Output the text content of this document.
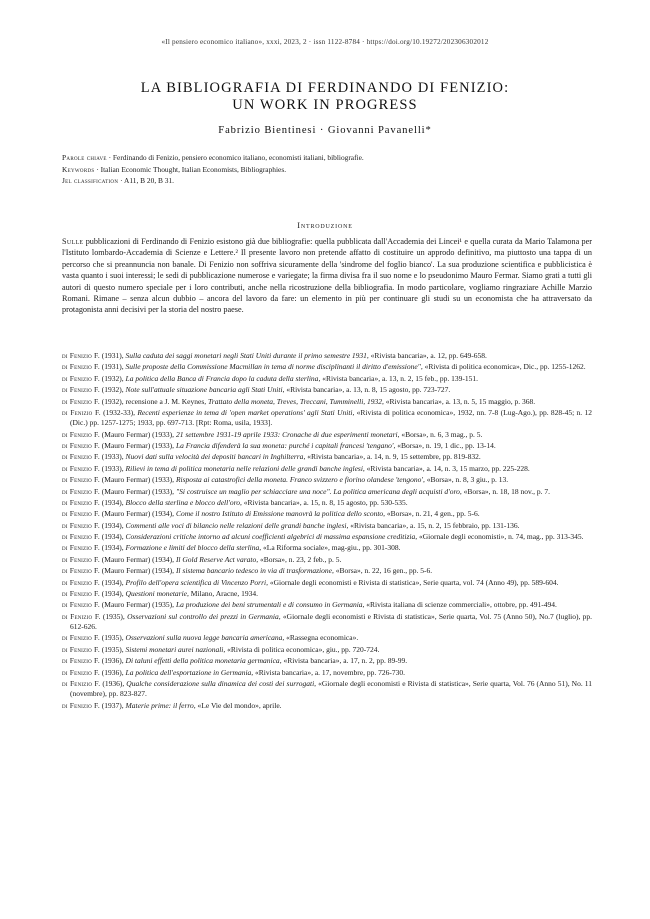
«Il pensiero economico italiano», xxxi, 2023, 2 · issn 1122-8784 · https://doi.org/10.19272/202306302012
LA BIBLIOGRAFIA DI FERDINANDO DI FENIZIO:
UN WORK IN PROGRESS
Fabrizio Bientinesi · Giovanni Pavanelli*
Parole chiave · Ferdinando di Fenizio, pensiero economico italiano, economisti italiani, bibliografie.
Keywords · Italian Economic Thought, Italian Economists, Bibliographies.
Jel classification · A11, B 20, B 31.
Introduzione
Sulle pubblicazioni di Ferdinando di Fenizio esistono già due bibliografie: quella pubblicata dall'Accademia dei Lincei¹ e quella curata da Mario Talamona per l'Istituto lombardo-Accademia di Scienze e Lettere.² Il presente lavoro non pretende affatto di costituire un approdo definitivo, ma piuttosto una tappa di un percorso che si preannuncia non banale. Di Fenizio non soffriva sicuramente della 'sindrome del foglio bianco'. La sua produzione scientifica e pubblicistica è vasta quanto i suoi interessi; le sedi di pubblicazione numerose e variegate; la firma divisa fra il suo nome e lo pseudonimo Mauro Fermar. Siamo grati a tutti gli autori di questo numero speciale per i loro contributi, anche nella ricostruzione della bibliografia. In modo particolare, vogliamo ringraziare Achille Marzio Romani. Rimane – senza alcun dubbio – ancora del lavoro da fare: un elemento in più per continuare gli studi su un economista che ha attraversato da protagonista anni decisivi per la storia del nostro paese.
di Fenizio F. (1931), Sulla caduta dei saggi monetari negli Stati Uniti durante il primo semestre 1931, «Rivista bancaria», a. 12, pp. 649-658.
di Fenizio F. (1931), Sulle proposte della Commissione Macmillan in tema di norme disciplinanti il diritto d'emissione", «Rivista di politica economica», Dic., pp. 1255-1262.
di Fenizio F. (1932), La politica della Banca di Francia dopo la caduta della sterlina, «Rivista bancaria», a. 13, n. 2, 15 feb., pp. 139-151.
di Fenizio F. (1932), Note sull'attuale situazione bancaria agli Stati Uniti, «Rivista bancaria», a. 13, n. 8, 15 agosto, pp. 723-727.
di Fenizio F. (1932), recensione a J. M. Keynes, Trattato della moneta, Treves, Treccani, Tumminelli, 1932, «Rivista bancaria», a. 13, n. 5, 15 maggio, p. 368.
di Fenizio F. (1932-33), Recenti esperienze in tema di 'open market operations' agli Stati Uniti, «Rivista di politica economica», 1932, nn. 7-8 (Lug-Ago.), pp. 828-45; n. 12 (Dic.) pp. 1257-1275; 1933, pp. 697-713. [Rpt: Roma, usila, 1933].
di Fenizio F. (Mauro Fermar) (1933), 21 settembre 1931-19 aprile 1933: Cronache di due esperimenti monetari, «Borsa», n. 6, 3 mag., p. 5.
di Fenizio F. (Mauro Fermar) (1933), La Francia difenderà la sua moneta: purché i capitali francesi 'tengano', «Borsa», n. 19, 1 dic., pp. 13-14.
di Fenizio F. (1933), Nuovi dati sulla velocità dei depositi bancari in Inghilterra, «Rivista bancaria», a. 14, n. 9, 15 settembre, pp. 819-832.
di Fenizio F. (1933), Rilievi in tema di politica monetaria nelle relazioni delle grandi banche inglesi, «Rivista bancaria», a. 14, n. 3, 15 marzo, pp. 225-228.
di Fenizio F. (Mauro Fermar) (1933), Risposta ai catastrofici della moneta. Franco svizzero e fiorino olandese 'tengono', «Borsa», n. 8, 3 giu., p. 13.
di Fenizio F. (Mauro Fermar) (1933), "Si costruisce un maglio per schiacciare una noce". La politica americana degli acquisti d'oro, «Borsa», n. 18, 18 nov., p. 7.
di Fenizio F. (1934), Blocco della sterlina e blocco dell'oro, «Rivista bancaria», a. 15, n. 8, 15 agosto, pp. 530-535.
di Fenizio F. (Mauro Fermar) (1934), Come il nostro Istituto di Emissione manovrà la politica dello sconto, «Borsa», n. 21, 4 gen., pp. 5-6.
di Fenizio F. (1934), Commenti alle voci di bilancio nelle relazioni delle grandi banche inglesi, «Rivista bancaria», a. 15, n. 2, 15 febbraio, pp. 131-136.
di Fenizio F. (1934), Considerazioni critiche intorno ad alcuni coefficienti algebrici di massima espansione creditizia, «Giornale degli economisti», n. 74, mag., pp. 313-345.
di Fenizio F. (1934), Formazione e limiti del blocco della sterlina, «La Riforma sociale», mag-giu., pp. 301-308.
di Fenizio F. (Mauro Fermar) (1934), Il Gold Reserve Act varato, «Borsa», n. 23, 2 feb., p. 5.
di Fenizio F. (Mauro Fermar) (1934), Il sistema bancario tedesco in via di trasformazione, «Borsa», n. 22, 16 gen., pp. 5-6.
di Fenizio F. (1934), Profilo dell'opera scientifica di Vincenzo Porri, «Giornale degli economisti e Rivista di statistica», Serie quarta, vol. 74 (Anno 49), pp. 589-604.
di Fenizio F. (1934), Questioni monetarie, Milano, Aracne, 1934.
di Fenizio F. (Mauro Fermar) (1935), La produzione dei beni strumentali e di consumo in Germania, «Rivista italiana di scienze commerciali», ottobre, pp. 491-494.
di Fenizio F. (1935), Osservazioni sul controllo dei prezzi in Germania, «Giornale degli economisti e Rivista di statistica», Serie quarta, Vol. 75 (Anno 50), No.7 (luglio), pp. 612-626.
di Fenizio F. (1935), Osservazioni sulla nuova legge bancaria americana, «Rassegna economica».
di Fenizio F. (1935), Sistemi monetari aurei nazionali, «Rivista di politica economica», giu., pp. 720-724.
di Fenizio F. (1936), Di taluni effetti della politica monetaria germanica, «Rivista bancaria», a. 17, n. 2, pp. 89-99.
di Fenizio F. (1936), La politica dell'esportazione in Germania, «Rivista bancaria», a. 17, novembre, pp. 726-730.
di Fenizio F. (1936), Qualche considerazione sulla dinamica dei costi dei surrogati, «Giornale degli economisti e Rivista di statistica», Serie quarta, Vol. 76 (Anno 51), No. 11 (novembre), pp. 823-827.
di Fenizio F. (1937), Materie prime: il ferro, «Le Vie del mondo», aprile.
